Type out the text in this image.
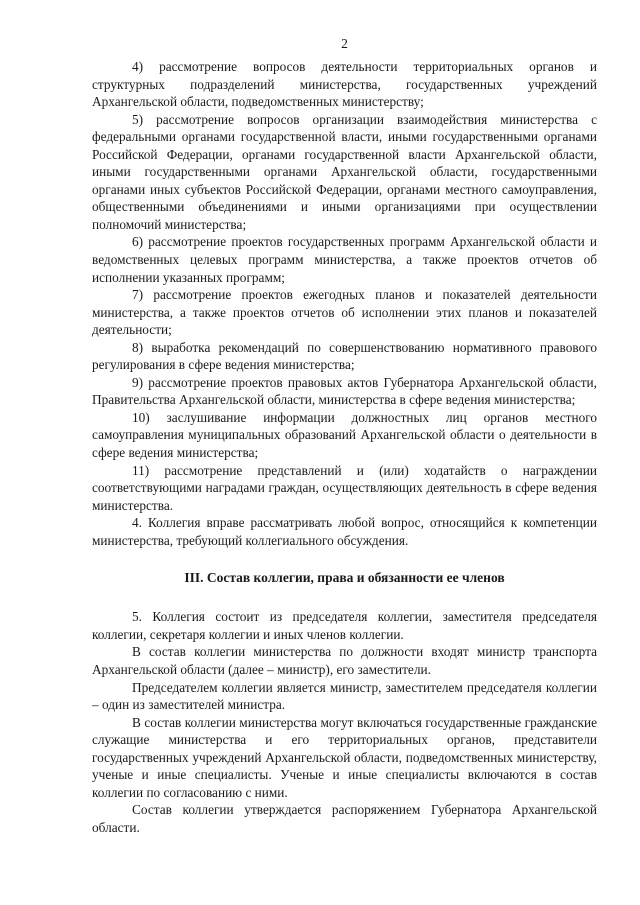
2

4) рассмотрение вопросов деятельности территориальных органов и структурных подразделений министерства, государственных учреждений Архангельской области, подведомственных министерству;

5) рассмотрение вопросов организации взаимодействия министерства с федеральными органами государственной власти, иными государственными органами Российской Федерации, органами государственной власти Архангельской области, иными государственными органами Архангельской области, государственными органами иных субъектов Российской Федерации, органами местного самоуправления, общественными объединениями и иными организациями при осуществлении полномочий министерства;

6) рассмотрение проектов государственных программ Архангельской области и ведомственных целевых программ министерства, а также проектов отчетов об исполнении указанных программ;

7) рассмотрение проектов ежегодных планов и показателей деятельности министерства, а также проектов отчетов об исполнении этих планов и показателей деятельности;

8) выработка рекомендаций по совершенствованию нормативного правового регулирования в сфере ведения министерства;

9) рассмотрение проектов правовых актов Губернатора Архангельской области, Правительства Архангельской области, министерства в сфере ведения министерства;

10) заслушивание информации должностных лиц органов местного самоуправления муниципальных образований Архангельской области о деятельности в сфере ведения министерства;

11) рассмотрение представлений и (или) ходатайств о награждении соответствующими наградами граждан, осуществляющих деятельность в сфере ведения министерства.

4. Коллегия вправе рассматривать любой вопрос, относящийся к компетенции министерства, требующий коллегиального обсуждения.

III. Состав коллегии, права и обязанности ее членов

5. Коллегия состоит из председателя коллегии, заместителя председателя коллегии, секретаря коллегии и иных членов коллегии.

В состав коллегии министерства по должности входят министр транспорта Архангельской области (далее – министр), его заместители.

Председателем коллегии является министр, заместителем председателя коллегии – один из заместителей министра.

В состав коллегии министерства могут включаться государственные гражданские служащие министерства и его территориальных органов, представители государственных учреждений Архангельской области, подведомственных министерству, ученые и иные специалисты. Ученые и иные специалисты включаются в состав коллегии по согласованию с ними.

Состав коллегии утверждается распоряжением Губернатора Архангельской области.
